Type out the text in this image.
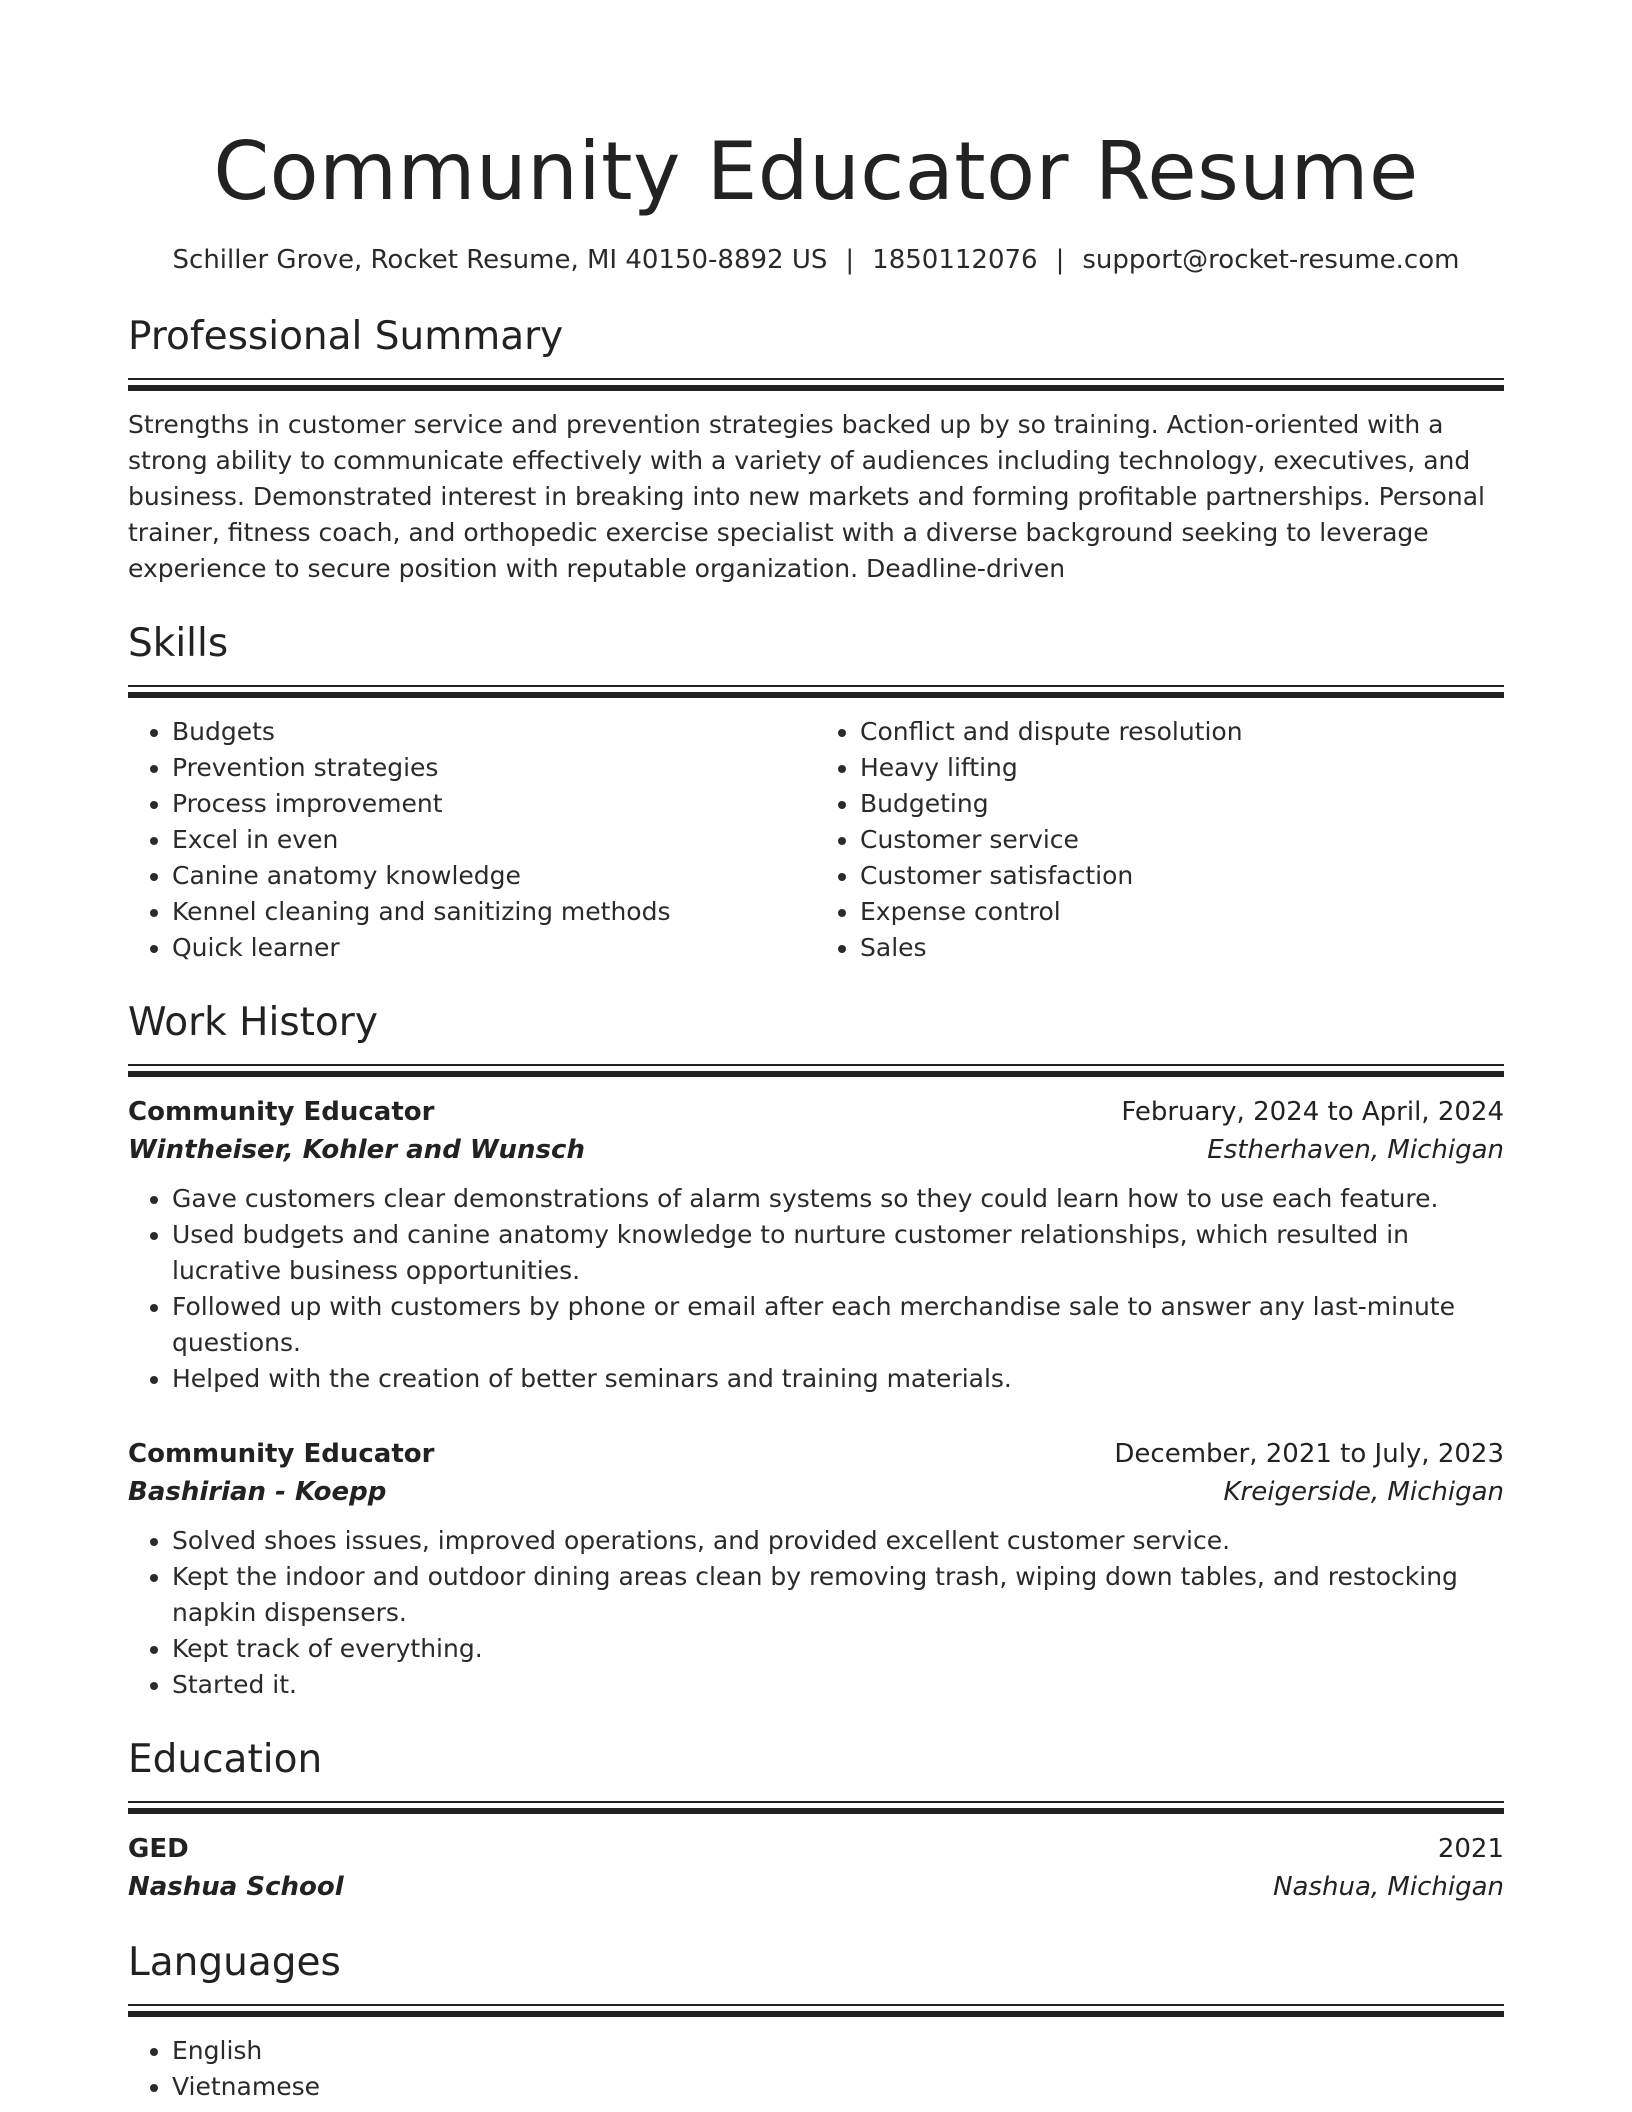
Community Educator Resume
Schiller Grove, Rocket Resume, MI 40150-8892 US | 1850112076 | support@rocket-resume.com
Professional Summary

Strengths in customer service and prevention strategies backed up by so training. Action-oriented with a strong ability to communicate effectively with a variety of audiences including technology, executives, and business. Demonstrated interest in breaking into new markets and forming profitable partnerships. Personal trainer, fitness coach, and orthopedic exercise specialist with a diverse background seeking to leverage experience to secure position with reputable organization. Deadline-driven

Skills
• Budgets
• Prevention strategies
• Process improvement
• Excel in even
• Canine anatomy knowledge
• Kennel cleaning and sanitizing methods
• Quick learner
• Conflict and dispute resolution
• Heavy lifting
• Budgeting
• Customer service
• Customer satisfaction
• Expense control
• Sales
Work History
Community Educator	February, 2024 to April, 2024
Wintheiser, Kohler and Wunsch	Estherhaven, Michigan
• Gave customers clear demonstrations of alarm systems so they could learn how to use each feature.
• Used budgets and canine anatomy knowledge to nurture customer relationships, which resulted in lucrative business opportunities.
• Followed up with customers by phone or email after each merchandise sale to answer any last-minute questions.
• Helped with the creation of better seminars and training materials.
Community Educator	December, 2021 to July, 2023
Bashirian - Koepp	Kreigerside, Michigan
• Solved shoes issues, improved operations, and provided excellent customer service.
• Kept the indoor and outdoor dining areas clean by removing trash, wiping down tables, and restocking napkin dispensers.
• Kept track of everything.
• Started it.
Education
GED	2021
Nashua School	Nashua, Michigan
Languages
• English
• Vietnamese
